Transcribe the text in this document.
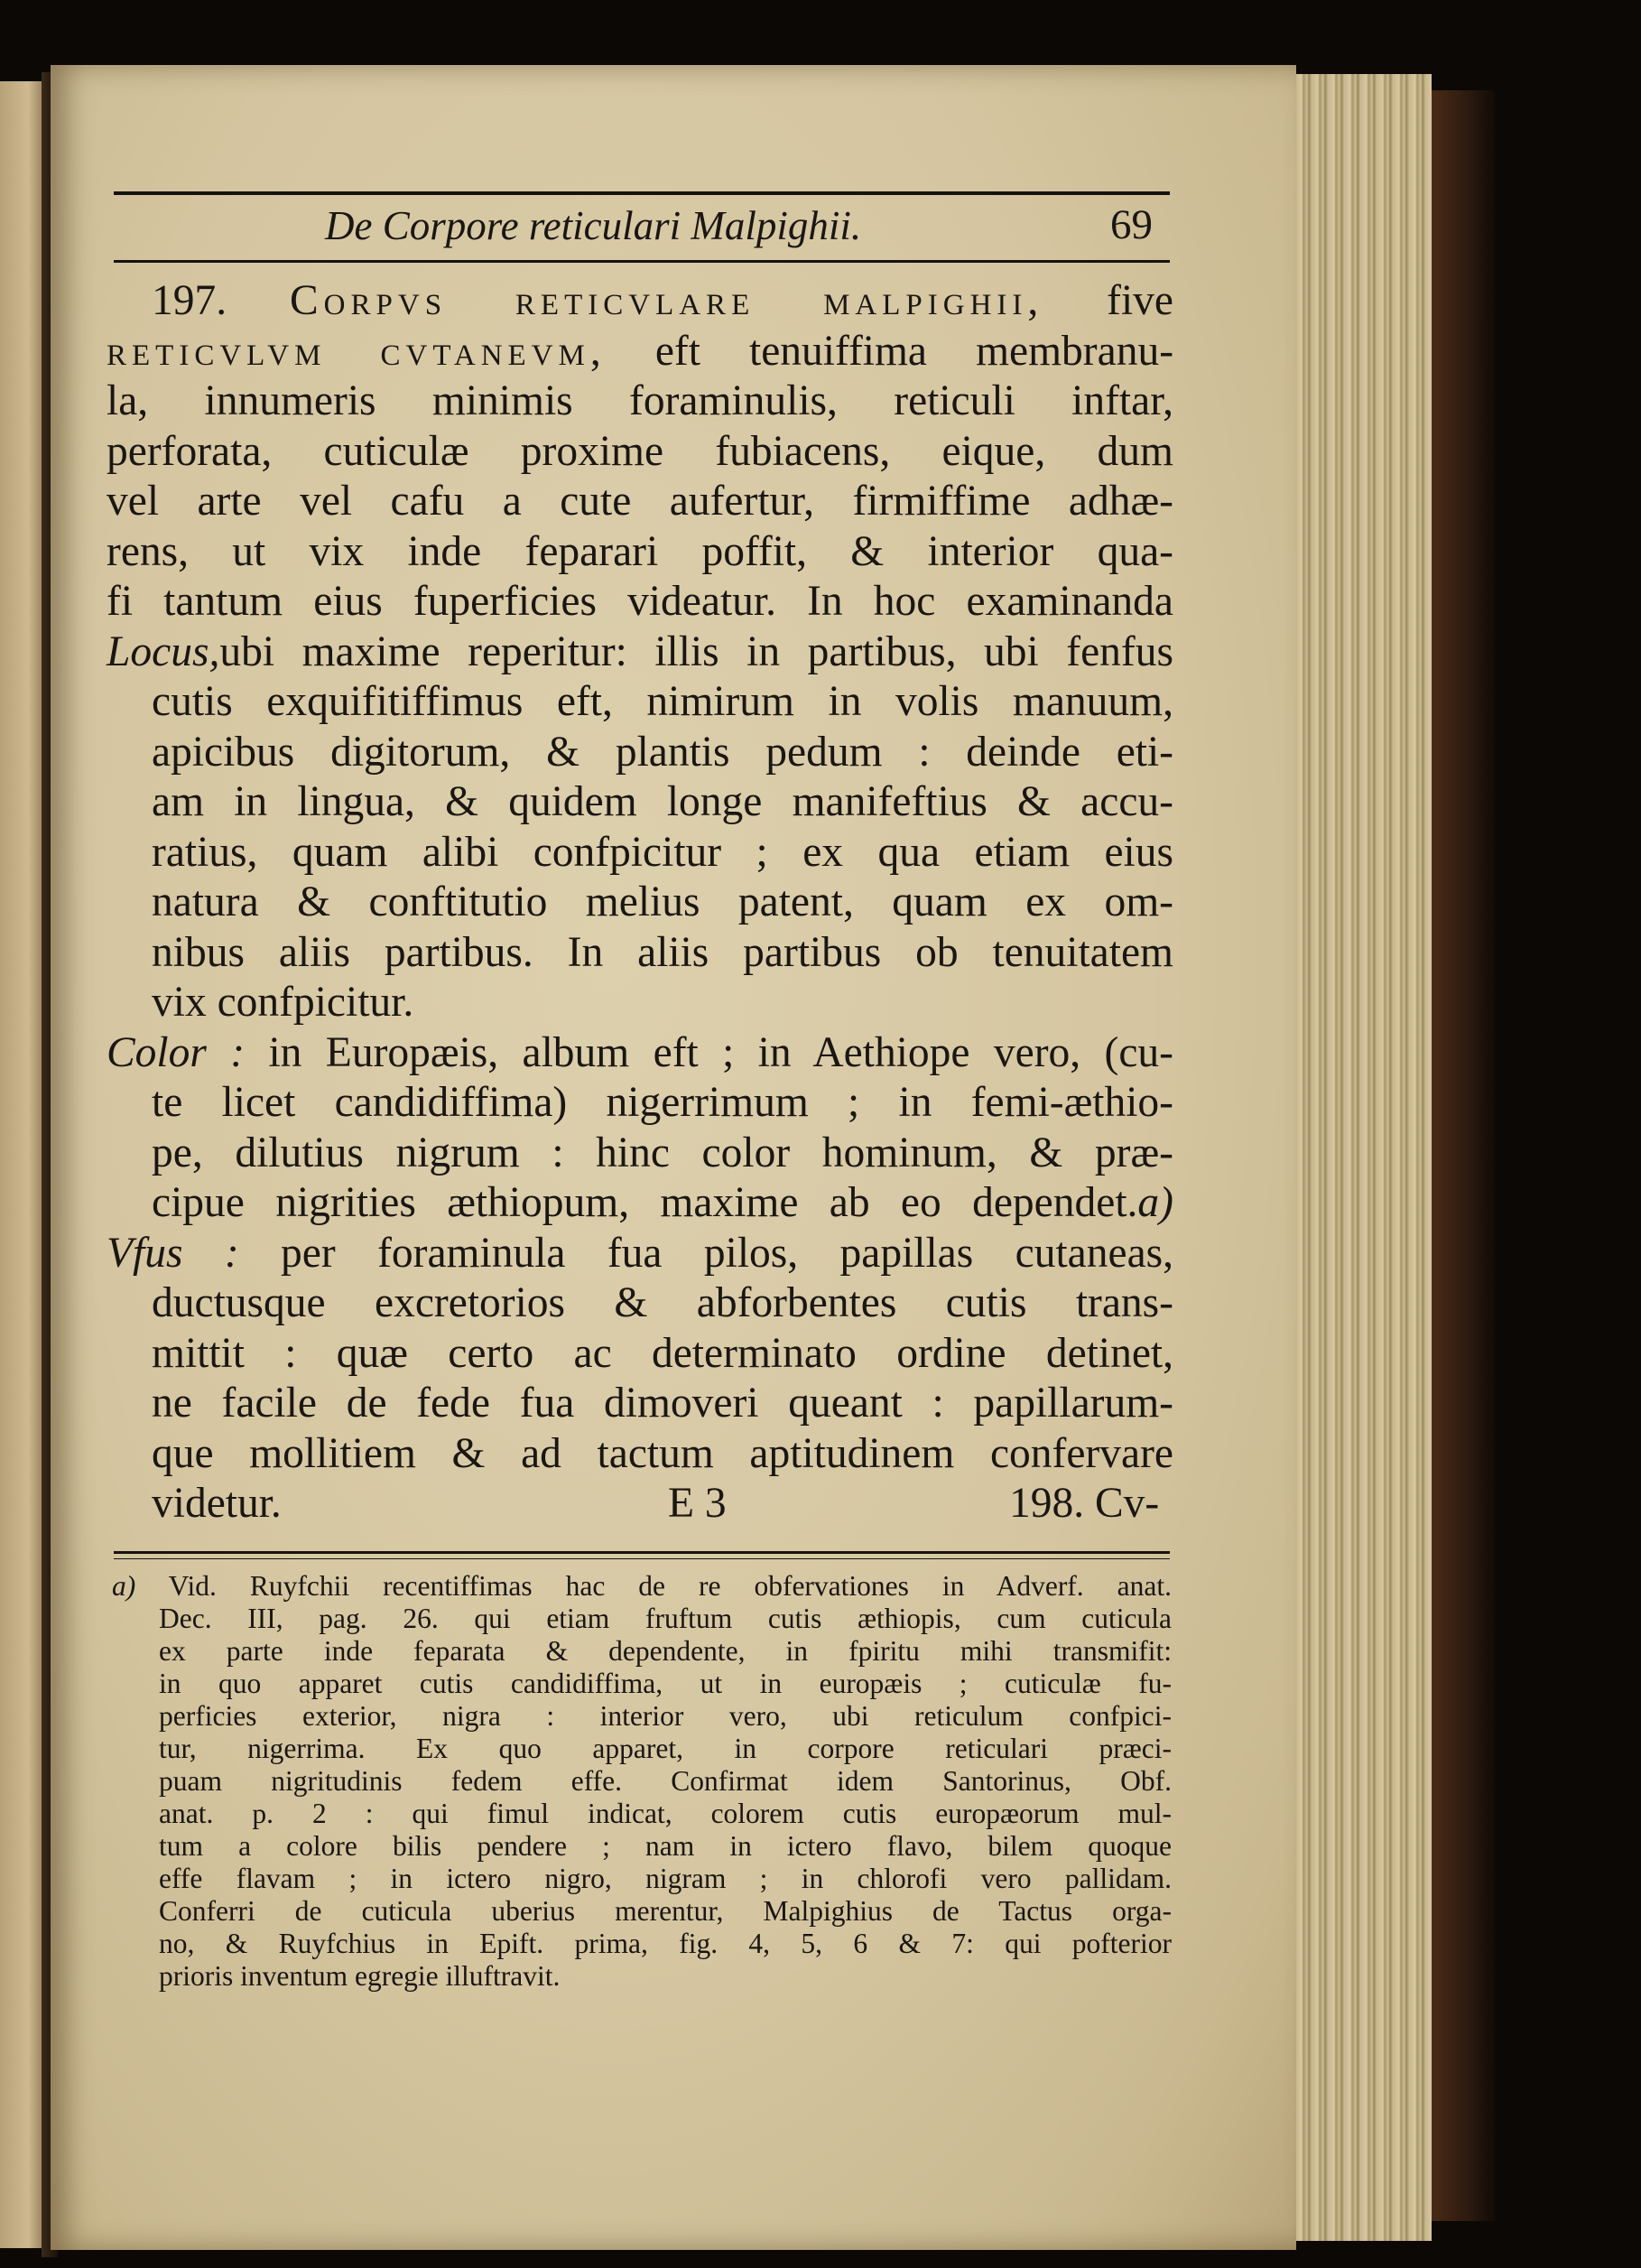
De Corpore reticulari Malpighii.	69

197. Corpvs reticvlare malpighii, five

reticvlvm cvtanevm, eft tenuiffima membranu-

la, innumeris minimis foraminulis, reticuli inftar,

perforata, cuticulæ proxime fubiacens, eique, dum

vel arte vel cafu a cute aufertur, firmiffime adhæ-

rens, ut vix inde feparari poffit, & interior qua-

fi tantum eius fuperficies videatur. In hoc examinanda

Locus,ubi maxime reperitur: illis in partibus, ubi fenfus

cutis exquifitiffimus eft, nimirum in volis manuum,

apicibus digitorum, & plantis pedum : deinde eti-

am in lingua, & quidem longe manifeftius & accu-

ratius, quam alibi confpicitur ; ex qua etiam eius

natura & conftitutio melius patent, quam ex om-

nibus aliis partibus. In aliis partibus ob tenuitatem

vix confpicitur.

Color : in Europæis, album eft ; in Aethiope vero, (cu-

te licet candidiffima) nigerrimum ; in femi-æthio-

pe, dilutius nigrum : hinc color hominum, & præ-

cipue nigrities æthiopum, maxime ab eo dependet.a)

Vfus : per foraminula fua pilos, papillas cutaneas,

ductusque excretorios & abforbentes cutis trans-

mittit : quæ certo ac determinato ordine detinet,

ne facile de fede fua dimoveri queant : papillarum-

que mollitiem & ad tactum aptitudinem confervare

videtur.	E 3	198. Cv-

a) Vid. Ruyfchii recentiffimas hac de re obfervationes in Adverf. anat.

Dec. III, pag. 26. qui etiam fruftum cutis æthiopis, cum cuticula

ex parte inde feparata & dependente, in fpiritu mihi transmifit:

in quo apparet cutis candidiffima, ut in europæis ; cuticulæ fu-

perficies exterior, nigra : interior vero, ubi reticulum confpici-

tur, nigerrima. Ex quo apparet, in corpore reticulari præci-

puam nigritudinis fedem effe. Confirmat idem Santorinus, Obf.

anat. p. 2 : qui fimul indicat, colorem cutis europæorum mul-

tum a colore bilis pendere ; nam in ictero flavo, bilem quoque

effe flavam ; in ictero nigro, nigram ; in chlorofi vero pallidam.

Conferri de cuticula uberius merentur, Malpighius de Tactus orga-

no, & Ruyfchius in Epift. prima, fig. 4, 5, 6 & 7: qui pofterior

prioris inventum egregie illuftravit.
